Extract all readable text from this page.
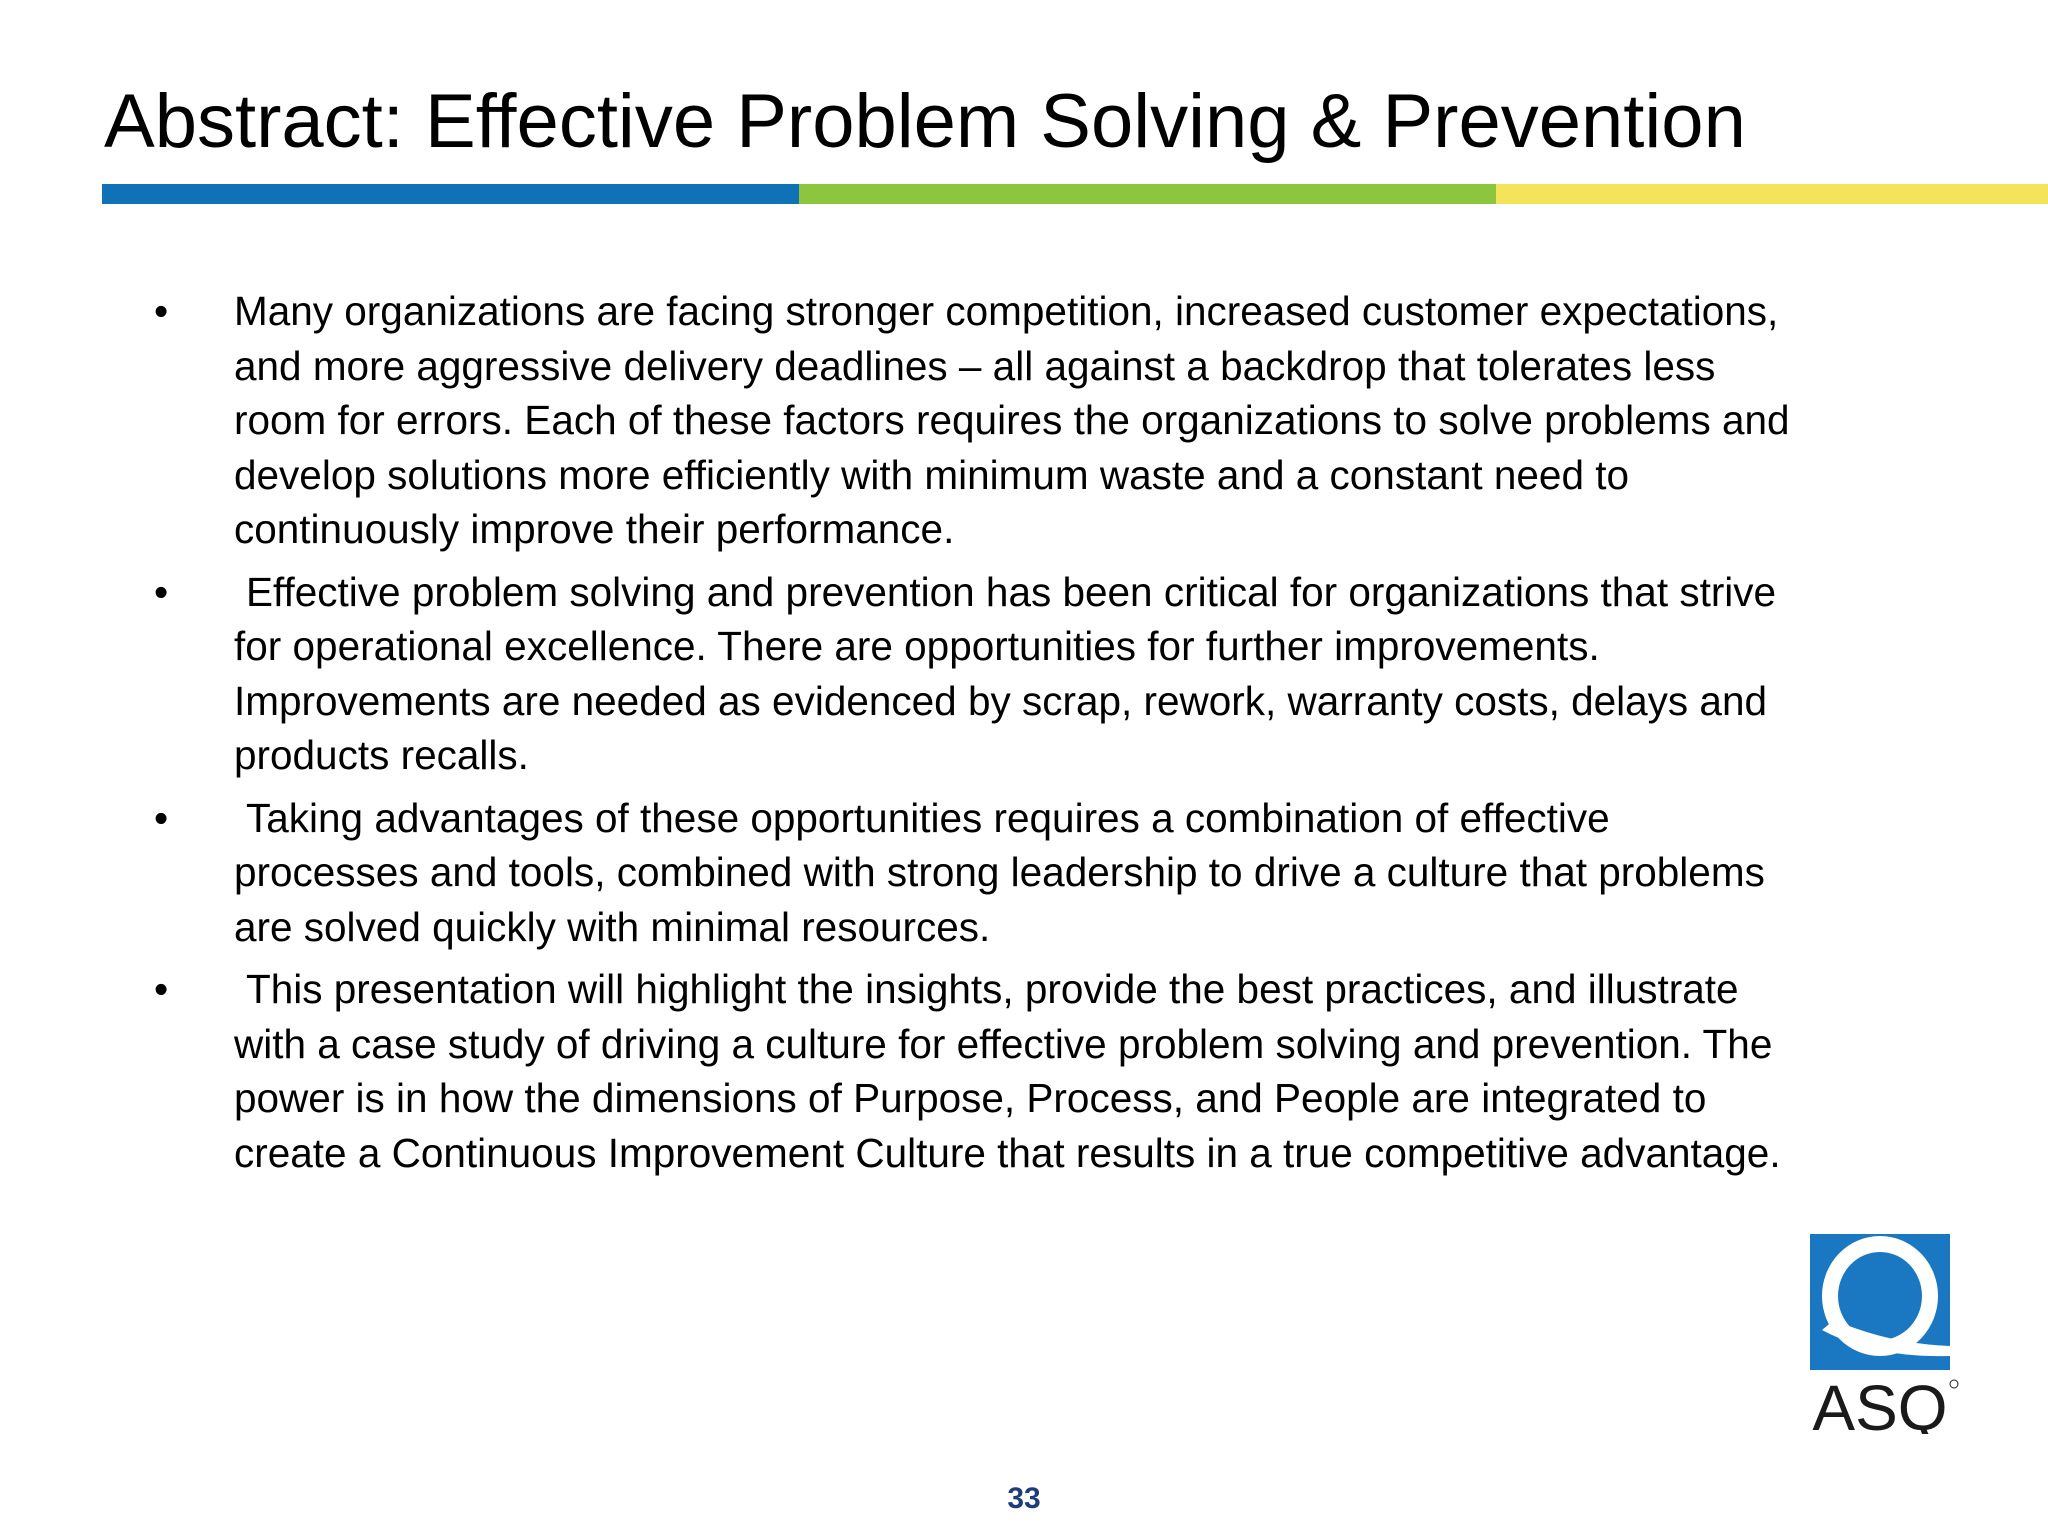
Abstract: Effective Problem Solving & Prevention
• Many organizations are facing stronger competition, increased customer expectations, and more aggressive delivery deadlines – all against a backdrop that tolerates less room for errors. Each of these factors requires the organizations to solve problems and develop solutions more efficiently with minimum waste and a constant need to continuously improve their performance.
• Effective problem solving and prevention has been critical for organizations that strive for operational excellence. There are opportunities for further improvements. Improvements are needed as evidenced by scrap, rework, warranty costs, delays and products recalls.
• Taking advantages of these opportunities requires a combination of effective processes and tools, combined with strong leadership to drive a culture that problems are solved quickly with minimal resources.
• This presentation will highlight the insights, provide the best practices, and illustrate with a case study of driving a culture for effective problem solving and prevention. The power is in how the dimensions of Purpose, Process, and People are integrated to create a Continuous Improvement Culture that results in a true competitive advantage.
ASQ
33
